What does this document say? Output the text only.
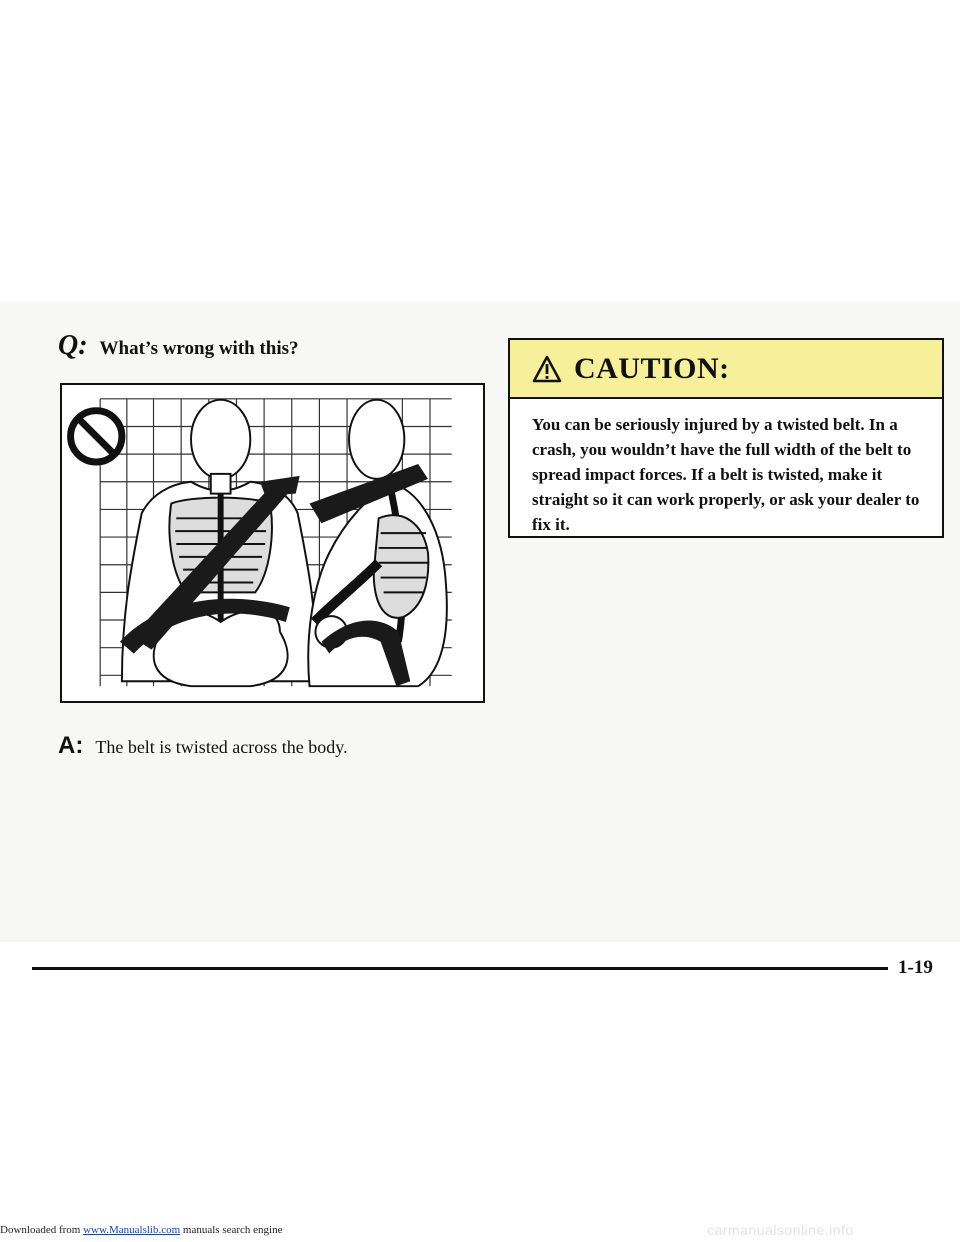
Q: What’s wrong with this?
A: The belt is twisted across the body.
CAUTION:
You can be seriously injured by a twisted belt. In a crash, you wouldn’t have the full width of the belt to spread impact forces. If a belt is twisted, make it straight so it can work properly, or ask your dealer to fix it.
1-19
Downloaded from www.Manualslib.com manuals search engine	carmanualsonline.info
